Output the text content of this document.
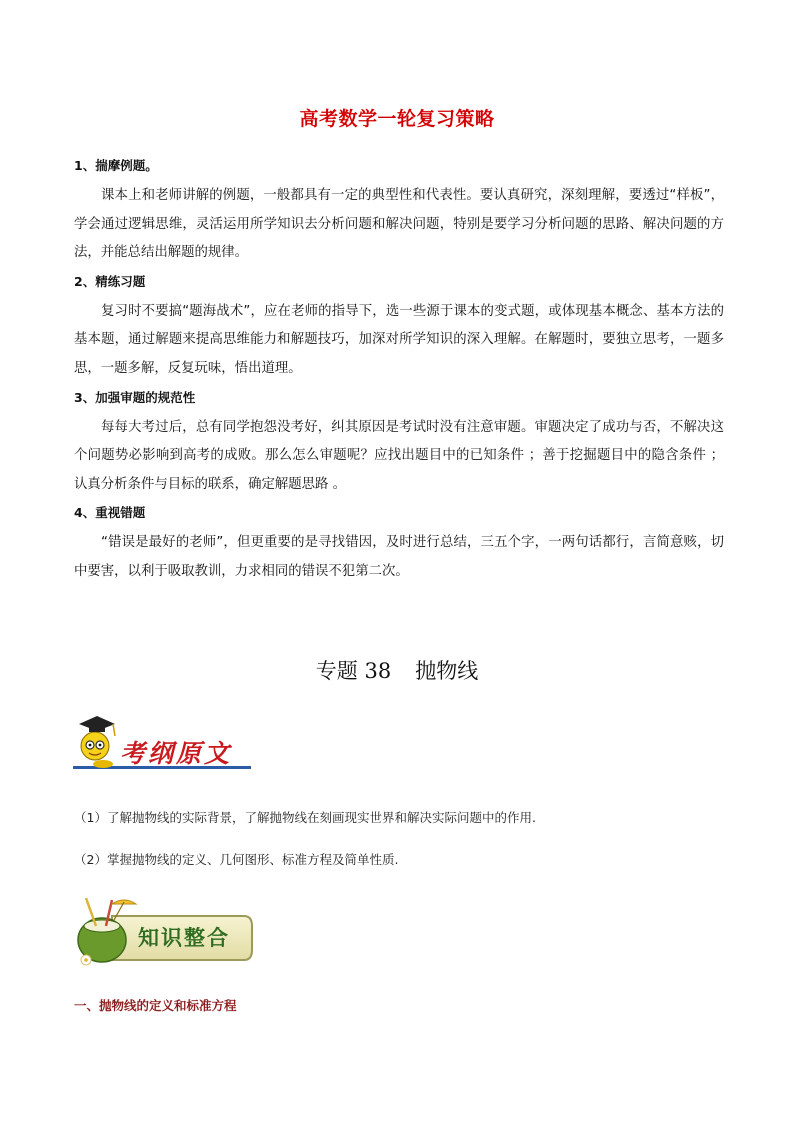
高考数学一轮复习策略

1、揣摩例题。

课本上和老师讲解的例题，一般都具有一定的典型性和代表性。要认真研究，深刻理解，要透过“样板”，学会通过逻辑思维，灵活运用所学知识去分析问题和解决问题，特别是要学习分析问题的思路、解决问题的方法，并能总结出解题的规律。

2、精练习题

复习时不要搞“题海战术”，应在老师的指导下，选一些源于课本的变式题，或体现基本概念、基本方法的基本题，通过解题来提高思维能力和解题技巧，加深对所学知识的深入理解。在解题时，要独立思考，一题多思，一题多解，反复玩味，悟出道理。

3、加强审题的规范性

每每大考过后，总有同学抱怨没考好，纠其原因是考试时没有注意审题。审题决定了成功与否，不解决这个问题势必影响到高考的成败。那么怎么审题呢？应找出题目中的已知条件 ；善于挖掘题目中的隐含条件 ；认真分析条件与目标的联系，确定解题思路 。

4、重视错题

“错误是最好的老师”，但更重要的是寻找错因，及时进行总结，三五个字，一两句话都行，言简意赅，切中要害，以利于吸取教训，力求相同的错误不犯第二次。

专题 38 抛物线
考纲原文
（1）了解抛物线的实际背景，了解抛物线在刻画现实世界和解决实际问题中的作用.
（2）掌握抛物线的定义、几何图形、标准方程及简单性质.
知识整合
一、抛物线的定义和标准方程
